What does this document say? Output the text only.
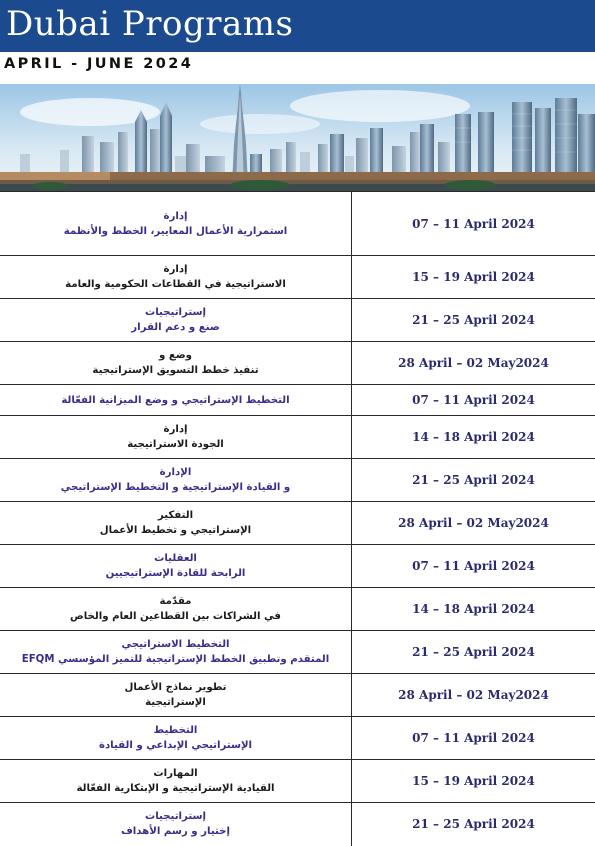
Dubai Programs
APRIL - JUNE 2024
إدارة
استمرارية الأعمال المعايير، الخطط والأنظمة	07 – 11 April 2024

إدارة
الاستراتيجية في القطاعات الحكومية والعامة	15 – 19 April 2024

إستراتيجيات
صنع و دعم القرار	21 – 25 April 2024

وضع و
تنفيذ خطط التسويق الإستراتيجية	28 April – 02 May2024

التخطيط الإستراتيجي و وضع الميزانية الفعّالة	07 – 11 April 2024

إدارة
الجودة الاستراتيجية	14 – 18 April 2024

الإدارة
و القيادة الإستراتيجية و التخطيط الإستراتيجي	21 – 25 April 2024

التفكير
الإستراتيجي و تخطيط الأعمال	28 April – 02 May2024

العقليات
الرابحة للقادة الإستراتيجيين	07 – 11 April 2024

مقدّمة
في الشراكات بين القطاعين العام والخاص	14 – 18 April 2024

التخطيط الاستراتيجي
المتقدم وتطبيق الخطط الإستراتيجية للتميز المؤسسي EFQM	21 – 25 April 2024

تطوير نماذج الأعمال
الإستراتيجية	28 April – 02 May2024

التخطيط
الإستراتيجي الإبداعي و القيادة	07 – 11 April 2024

المهارات
القيادية الإستراتيجية و الإبتكارية الفعّالة	15 – 19 April 2024

إستراتيجيات
إختيار و رسم الأهداف	21 – 25 April 2024
